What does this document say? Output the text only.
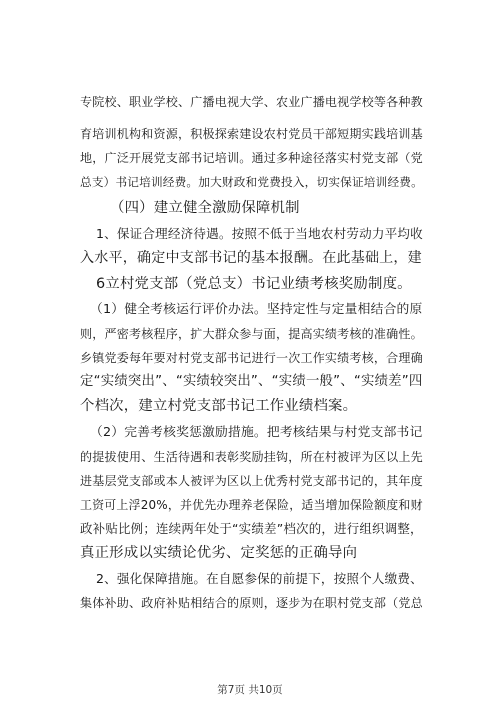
专院校、职业学校、广播电视大学、农业广播电视学校等各种教
育培训机构和资源，积极探索建设农村党员干部短期实践培训基
地，广泛开展党支部书记培训。通过多种途径落实村党支部（党
总支）书记培训经费。加大财政和党费投入，切实保证培训经费。
（四）建立健全激励保障机制
1、保证合理经济待遇。按照不低于当地农村劳动力平均收
入水平，确定中支部书记的基本报酬。在此基础上，建
6立村党支部（党总支）书记业绩考核奖励制度。
（1）健全考核运行评价办法。坚持定性与定量相结合的原
则，严密考核程序，扩大群众参与面，提高实绩考核的准确性。
乡镇党委每年要对村党支部书记进行一次工作实绩考核，合理确
定“实绩突出”、“实绩较突出”、“实绩一般”、“实绩差”四
个档次，建立村党支部书记工作业绩档案。
（2）完善考核奖惩激励措施。把考核结果与村党支部书记
的提拔使用、生活待遇和表彰奖励挂钩，所在村被评为区以上先
进基层党支部或本人被评为区以上优秀村党支部书记的，其年度
工资可上浮20%，并优先办理养老保险，适当增加保险额度和财
政补贴比例；连续两年处于“实绩差”档次的，进行组织调整，
真正形成以实绩论优劣、定奖惩的正确导向
2、强化保障措施。在自愿参保的前提下，按照个人缴费、
集体补助、政府补贴相结合的原则，逐步为在职村党支部（党总
第7页 共10页
